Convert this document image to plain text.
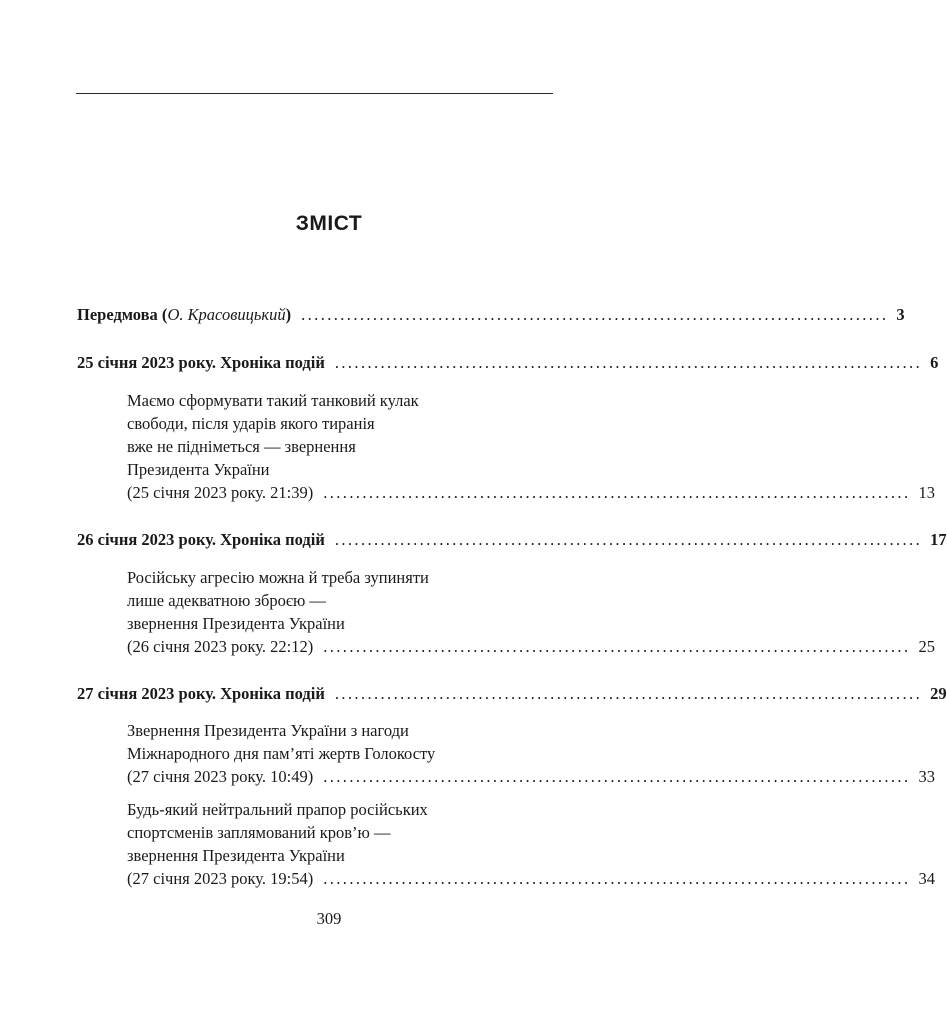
ЗМІСТ
Передмова (О. Красовицький) .......................................................................................... 3
25 січня 2023 року. Хроніка подій .......................................................................................... 6
Маємо сформувати такий танковий кулак
свободи, після ударів якого тиранія
вже не підніметься — звернення
Президента України
(25 січня 2023 року. 21:39) .......................................................................................... 13
26 січня 2023 року. Хроніка подій .......................................................................................... 17
Російську агресію можна й треба зупиняти
лише адекватною зброєю —
звернення Президента України
(26 січня 2023 року. 22:12) .......................................................................................... 25
27 січня 2023 року. Хроніка подій .......................................................................................... 29
Звернення Президента України з нагоди
Міжнародного дня пам’яті жертв Голокосту
(27 січня 2023 року. 10:49) .......................................................................................... 33
Будь-який нейтральний прапор російських
спортсменів заплямований кров’ю —
звернення Президента України
(27 січня 2023 року. 19:54) .......................................................................................... 34
309
